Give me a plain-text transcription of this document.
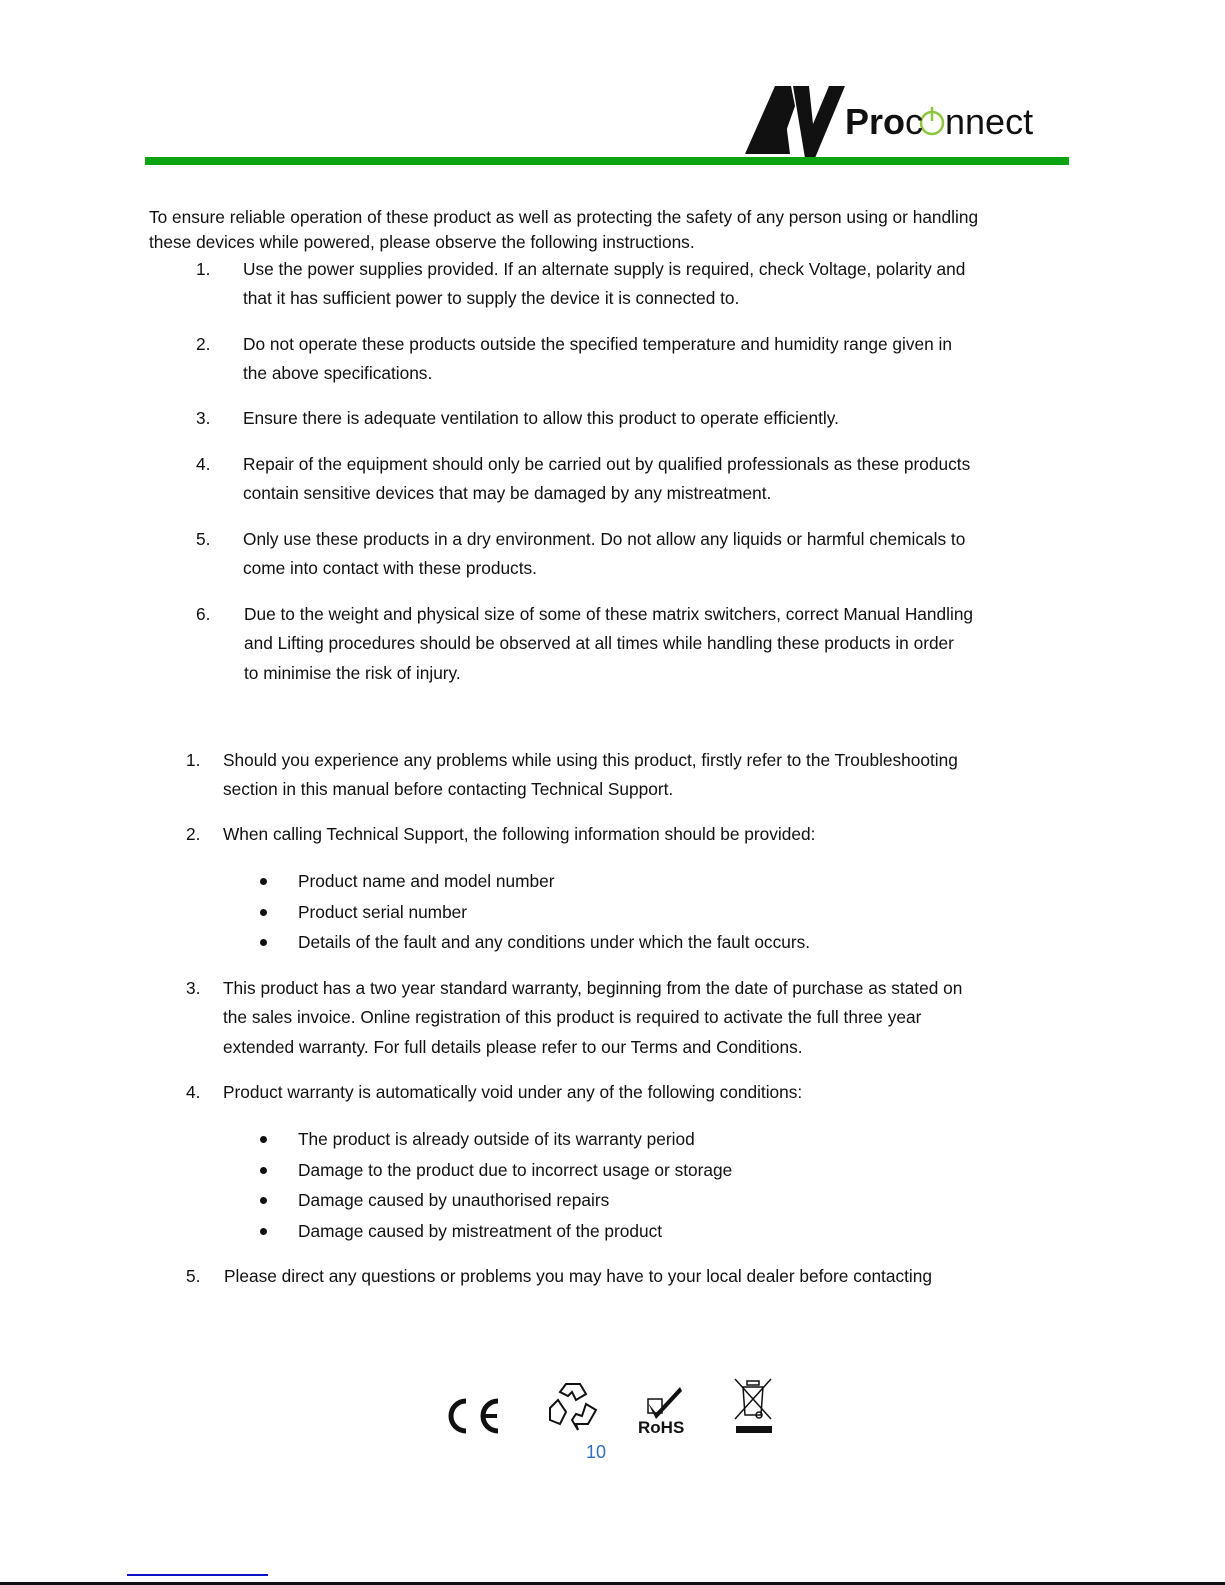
Pro c nnect
To ensure reliable operation of these product as well as protecting the safety of any person using or handling
these devices while powered, please observe the following instructions.
1. Use the power supplies provided. If an alternate supply is required, check Voltage, polarity and
that it has sufficient power to supply the device it is connected to.
2. Do not operate these products outside the specified temperature and humidity range given in
the above specifications.
3. Ensure there is adequate ventilation to allow this product to operate efficiently.
4. Repair of the equipment should only be carried out by qualified professionals as these products
contain sensitive devices that may be damaged by any mistreatment.
5. Only use these products in a dry environment. Do not allow any liquids or harmful chemicals to
come into contact with these products.
6. Due to the weight and physical size of some of these matrix switchers, correct Manual Handling
and Lifting procedures should be observed at all times while handling these products in order
to minimise the risk of injury.
1. Should you experience any problems while using this product, firstly refer to the Troubleshooting
section in this manual before contacting Technical Support.
2. When calling Technical Support, the following information should be provided:
Product name and model number
Product serial number
Details of the fault and any conditions under which the fault occurs.
3. This product has a two year standard warranty, beginning from the date of purchase as stated on
the sales invoice. Online registration of this product is required to activate the full three year
extended warranty. For full details please refer to our Terms and Conditions.
4. Product warranty is automatically void under any of the following conditions:
The product is already outside of its warranty period
Damage to the product due to incorrect usage or storage
Damage caused by unauthorised repairs
Damage caused by mistreatment of the product
5. Please direct any questions or problems you may have to your local dealer before contacting
RoHS
10
